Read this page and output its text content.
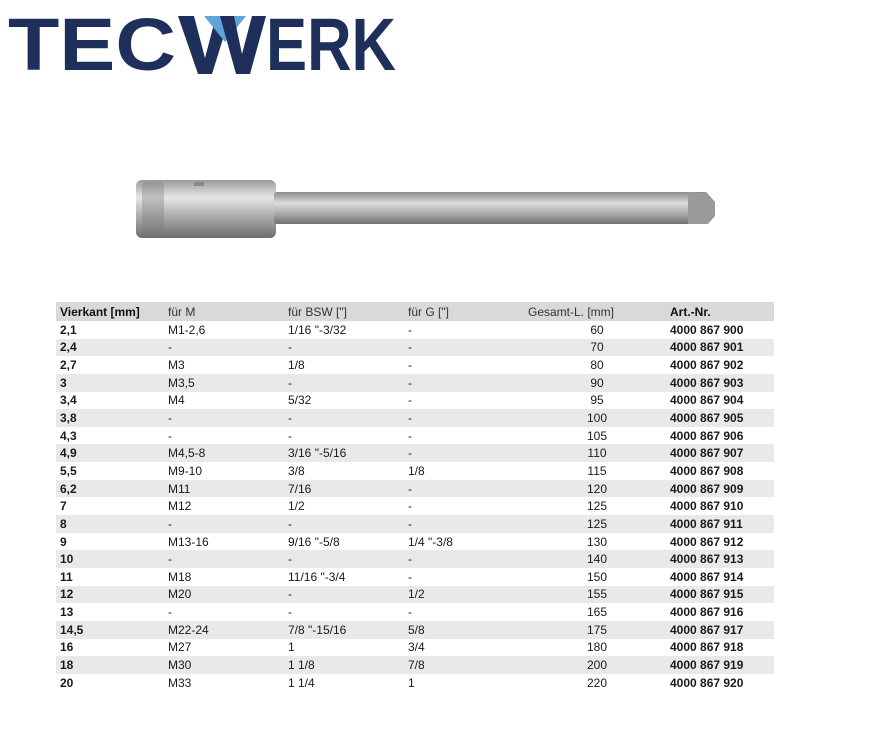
TEC ERK
Vierkant [mm]	für M	für BSW ["]	für G ["]	Gesamt-L. [mm]	Art.-Nr.
2,1	M1-2,6	1/16 "-3/32	-	60	4000 867 900
2,4	-	-	-	70	4000 867 901
2,7	M3	1/8	-	80	4000 867 902
3	M3,5	-	-	90	4000 867 903
3,4	M4	5/32	-	95	4000 867 904
3,8	-	-	-	100	4000 867 905
4,3	-	-	-	105	4000 867 906
4,9	M4,5-8	3/16 "-5/16	-	110	4000 867 907
5,5	M9-10	3/8	1/8	115	4000 867 908
6,2	M11	7/16	-	120	4000 867 909
7	M12	1/2	-	125	4000 867 910
8	-	-	-	125	4000 867 911
9	M13-16	9/16 "-5/8	1/4 "-3/8	130	4000 867 912
10	-	-	-	140	4000 867 913
11	M18	11/16 "-3/4	-	150	4000 867 914
12	M20	-	1/2	155	4000 867 915
13	-	-	-	165	4000 867 916
14,5	M22-24	7/8 "-15/16	5/8	175	4000 867 917
16	M27	1	3/4	180	4000 867 918
18	M30	1 1/8	7/8	200	4000 867 919
20	M33	1 1/4	1	220	4000 867 920
